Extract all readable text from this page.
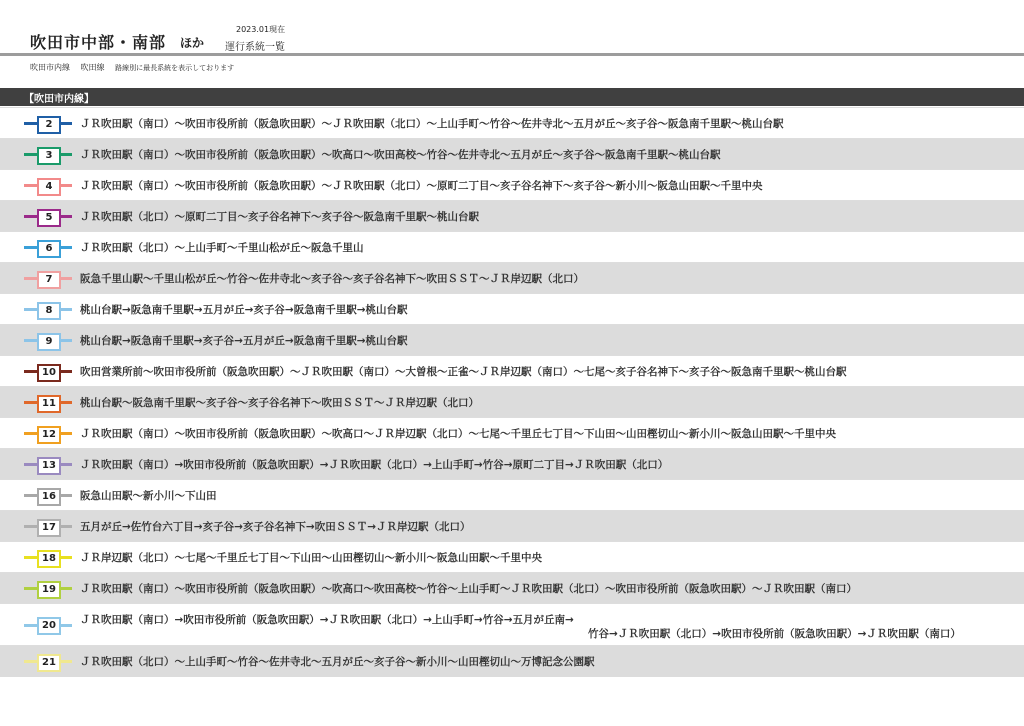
吹田市中部・南部 ほか
2023.01現在
運行系統一覧
吹田市内線 吹田線 路線別に最長系統を表示しております
【吹田市内線】
2	ＪＲ吹田駅（南口）〜吹田市役所前（阪急吹田駅）〜ＪＲ吹田駅（北口）〜上山手町〜竹谷〜佐井寺北〜五月が丘〜亥子谷〜阪急南千里駅〜桃山台駅
3	ＪＲ吹田駅（南口）〜吹田市役所前（阪急吹田駅）〜吹高口〜吹田高校〜竹谷〜佐井寺北〜五月が丘〜亥子谷〜阪急南千里駅〜桃山台駅
4	ＪＲ吹田駅（南口）〜吹田市役所前（阪急吹田駅）〜ＪＲ吹田駅（北口）〜原町二丁目〜亥子谷名神下〜亥子谷〜新小川〜阪急山田駅〜千里中央
5	ＪＲ吹田駅（北口）〜原町二丁目〜亥子谷名神下〜亥子谷〜阪急南千里駅〜桃山台駅
6	ＪＲ吹田駅（北口）〜上山手町〜千里山松が丘〜阪急千里山
7	阪急千里山駅〜千里山松が丘〜竹谷〜佐井寺北〜亥子谷〜亥子谷名神下〜吹田ＳＳＴ〜ＪＲ岸辺駅（北口）
8	桃山台駅→阪急南千里駅→五月が丘→亥子谷→阪急南千里駅→桃山台駅
9	桃山台駅→阪急南千里駅→亥子谷→五月が丘→阪急南千里駅→桃山台駅
10	吹田営業所前〜吹田市役所前（阪急吹田駅）〜ＪＲ吹田駅（南口）〜大曽根〜正雀〜ＪＲ岸辺駅（南口）〜七尾〜亥子谷名神下〜亥子谷〜阪急南千里駅〜桃山台駅
11	桃山台駅〜阪急南千里駅〜亥子谷〜亥子谷名神下〜吹田ＳＳＴ〜ＪＲ岸辺駅（北口）
12	ＪＲ吹田駅（南口）〜吹田市役所前（阪急吹田駅）〜吹高口〜ＪＲ岸辺駅（北口）〜七尾〜千里丘七丁目〜下山田〜山田樫切山〜新小川〜阪急山田駅〜千里中央
13	ＪＲ吹田駅（南口）→吹田市役所前（阪急吹田駅）→ＪＲ吹田駅（北口）→上山手町→竹谷→原町二丁目→ＪＲ吹田駅（北口）
16	阪急山田駅〜新小川〜下山田
17	五月が丘→佐竹台六丁目→亥子谷→亥子谷名神下→吹田ＳＳＴ→ＪＲ岸辺駅（北口）
18	ＪＲ岸辺駅（北口）〜七尾〜千里丘七丁目〜下山田〜山田樫切山〜新小川〜阪急山田駅〜千里中央
19	ＪＲ吹田駅（南口）〜吹田市役所前（阪急吹田駅）〜吹高口〜吹田高校〜竹谷〜上山手町〜ＪＲ吹田駅（北口）〜吹田市役所前（阪急吹田駅）〜ＪＲ吹田駅（南口）
20	ＪＲ吹田駅（南口）→吹田市役所前（阪急吹田駅）→ＪＲ吹田駅（北口）→上山手町→竹谷→五月が丘南→
竹谷→ＪＲ吹田駅（北口）→吹田市役所前（阪急吹田駅）→ＪＲ吹田駅（南口）
21	ＪＲ吹田駅（北口）〜上山手町〜竹谷〜佐井寺北〜五月が丘〜亥子谷〜新小川〜山田樫切山〜万博記念公園駅
